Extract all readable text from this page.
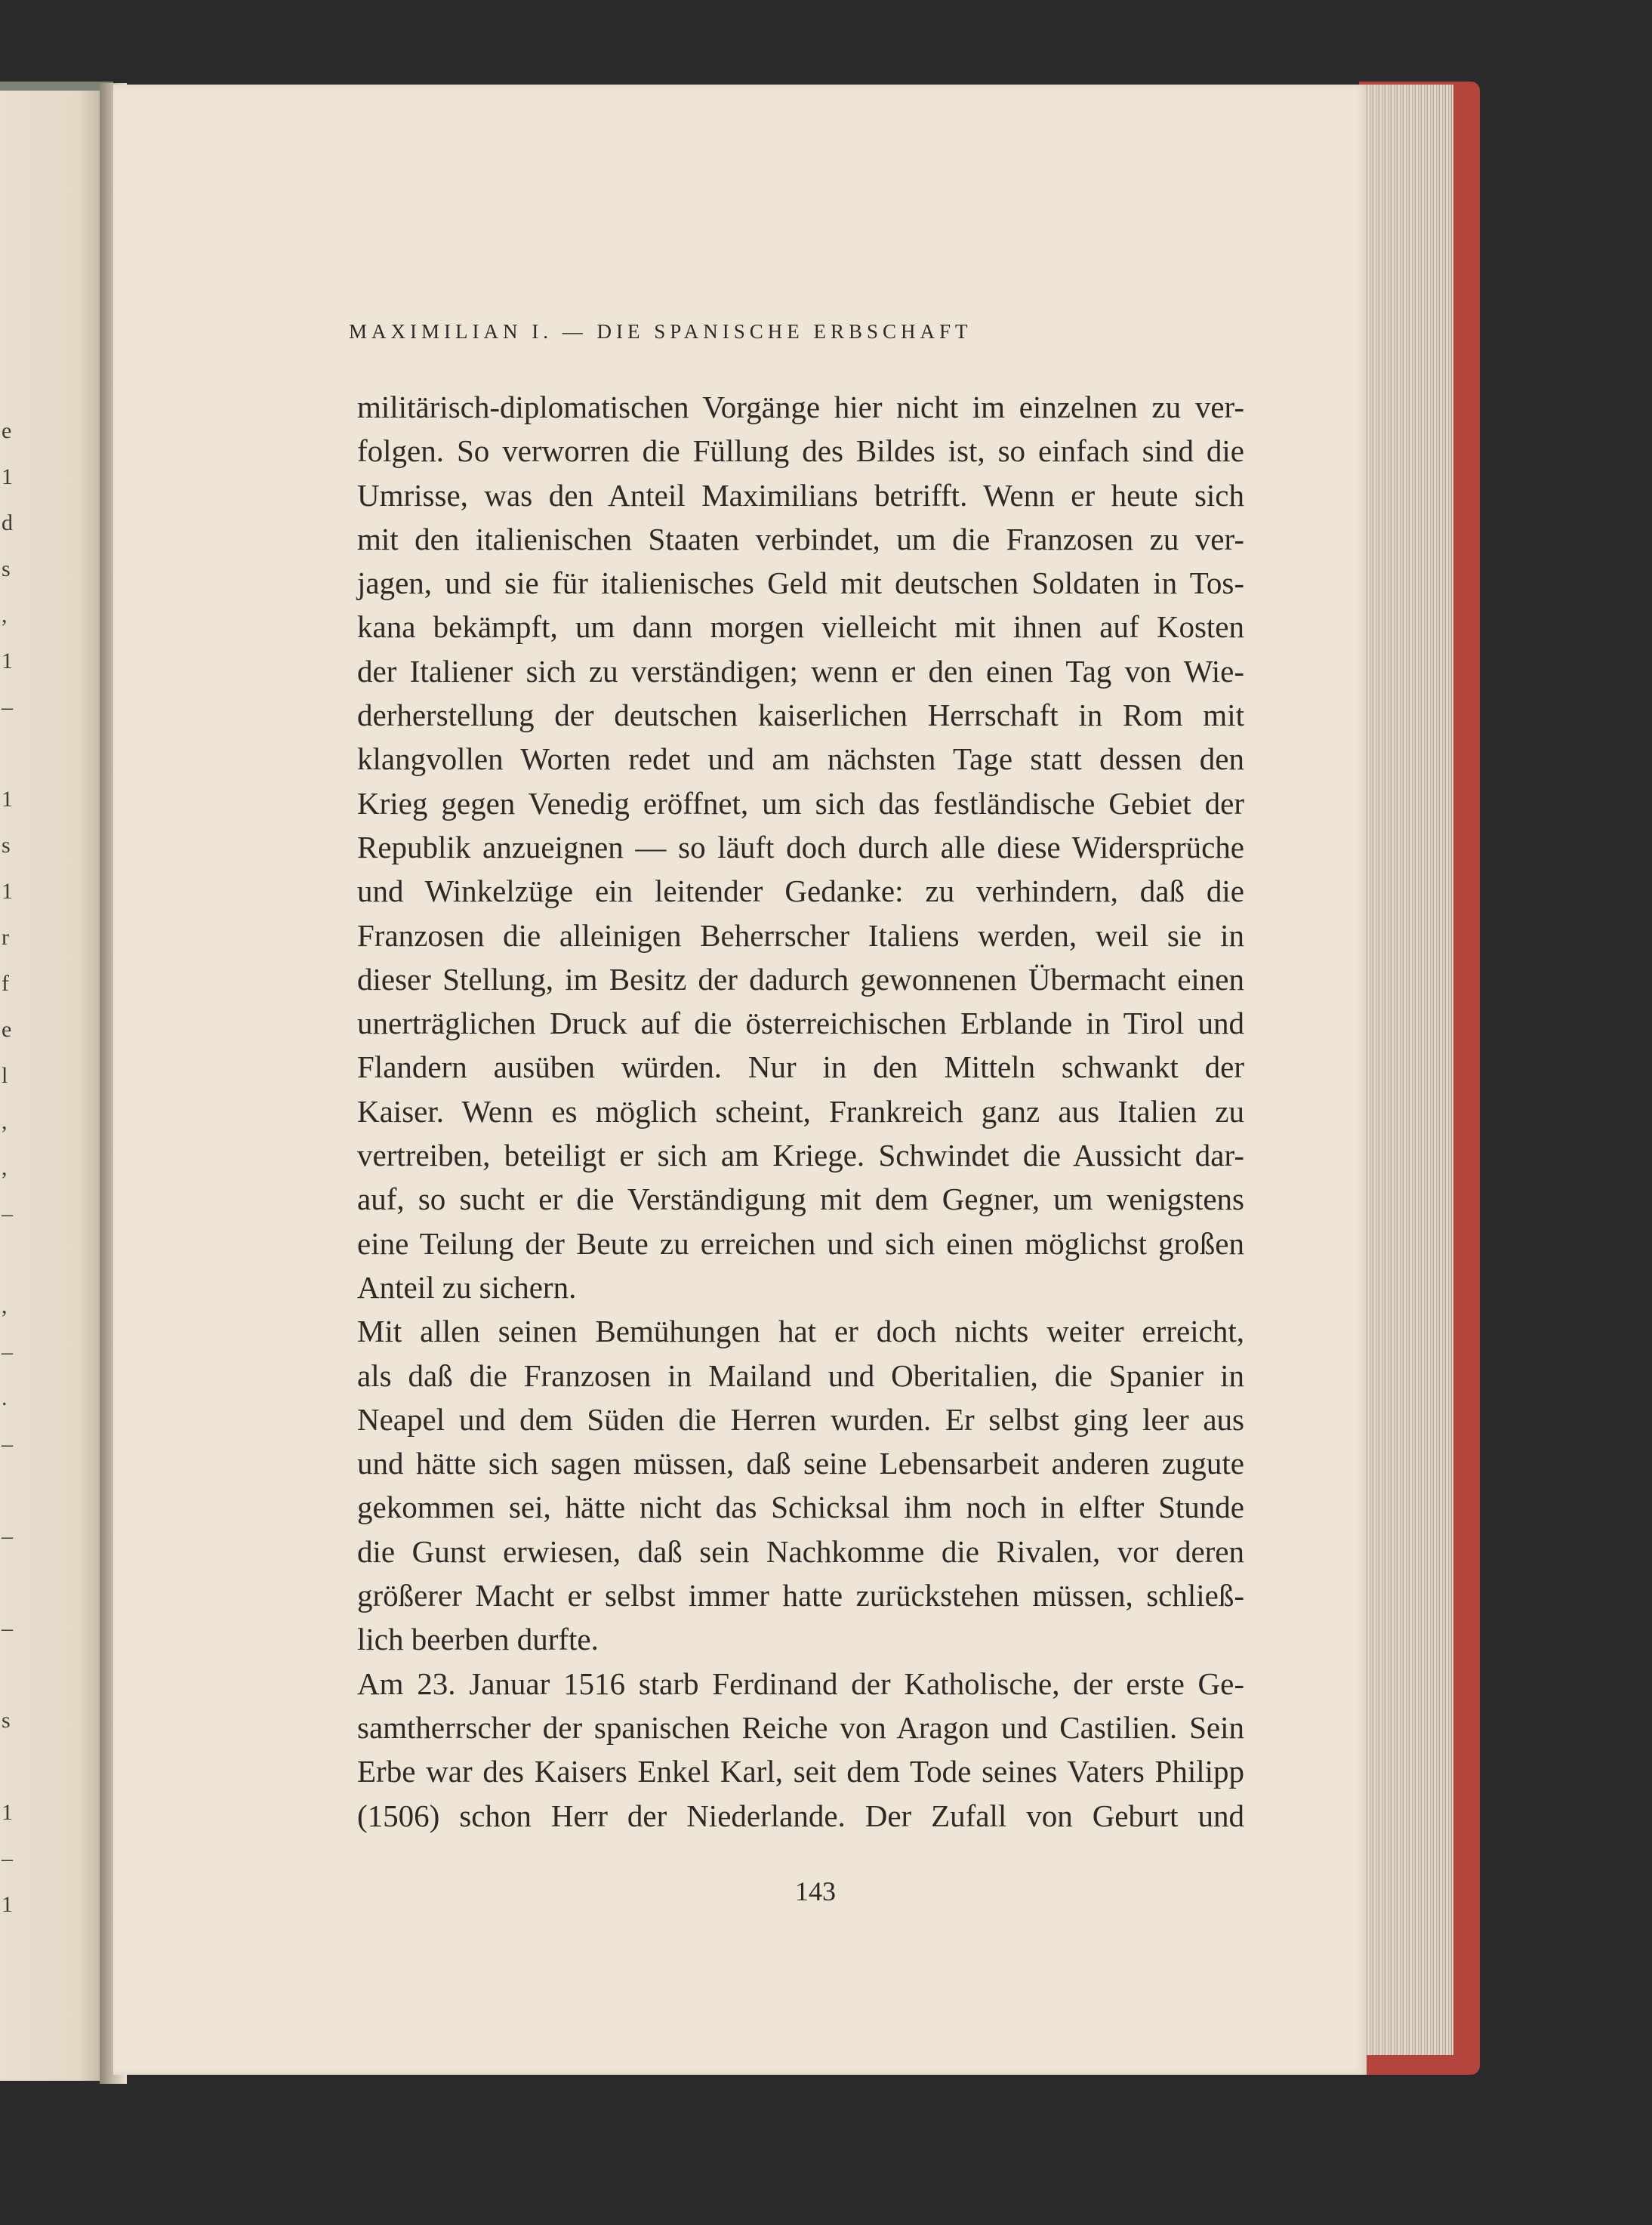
e
1
d
s
,
1
–
1
s
1
r
f
e
l
,
,
–
,
–
.
–
–
–
s
1
–
1
MAXIMILIAN I. — DIE SPANISCHE ERBSCHAFT
militärisch-diplomatischen Vorgänge hier nicht im einzelnen zu ver-
folgen. So verworren die Füllung des Bildes ist, so einfach sind die
Umrisse, was den Anteil Maximilians betrifft. Wenn er heute sich
mit den italienischen Staaten verbindet, um die Franzosen zu ver-
jagen, und sie für italienisches Geld mit deutschen Soldaten in Tos-
kana bekämpft, um dann morgen vielleicht mit ihnen auf Kosten
der Italiener sich zu verständigen; wenn er den einen Tag von Wie-
derherstellung der deutschen kaiserlichen Herrschaft in Rom mit
klangvollen Worten redet und am nächsten Tage statt dessen den
Krieg gegen Venedig eröffnet, um sich das festländische Gebiet der
Republik anzueignen — so läuft doch durch alle diese Widersprüche
und Winkelzüge ein leitender Gedanke: zu verhindern, daß die
Franzosen die alleinigen Beherrscher Italiens werden, weil sie in
dieser Stellung, im Besitz der dadurch gewonnenen Übermacht einen
unerträglichen Druck auf die österreichischen Erblande in Tirol und
Flandern ausüben würden. Nur in den Mitteln schwankt der
Kaiser. Wenn es möglich scheint, Frankreich ganz aus Italien zu
vertreiben, beteiligt er sich am Kriege. Schwindet die Aussicht dar-
auf, so sucht er die Verständigung mit dem Gegner, um wenigstens
eine Teilung der Beute zu erreichen und sich einen möglichst großen
Anteil zu sichern.
Mit allen seinen Bemühungen hat er doch nichts weiter erreicht,
als daß die Franzosen in Mailand und Oberitalien, die Spanier in
Neapel und dem Süden die Herren wurden. Er selbst ging leer aus
und hätte sich sagen müssen, daß seine Lebensarbeit anderen zugute
gekommen sei, hätte nicht das Schicksal ihm noch in elfter Stunde
die Gunst erwiesen, daß sein Nachkomme die Rivalen, vor deren
größerer Macht er selbst immer hatte zurückstehen müssen, schließ-
lich beerben durfte.
Am 23. Januar 1516 starb Ferdinand der Katholische, der erste Ge-
samtherrscher der spanischen Reiche von Aragon und Castilien. Sein
Erbe war des Kaisers Enkel Karl, seit dem Tode seines Vaters Philipp
(1506) schon Herr der Niederlande. Der Zufall von Geburt und
143
